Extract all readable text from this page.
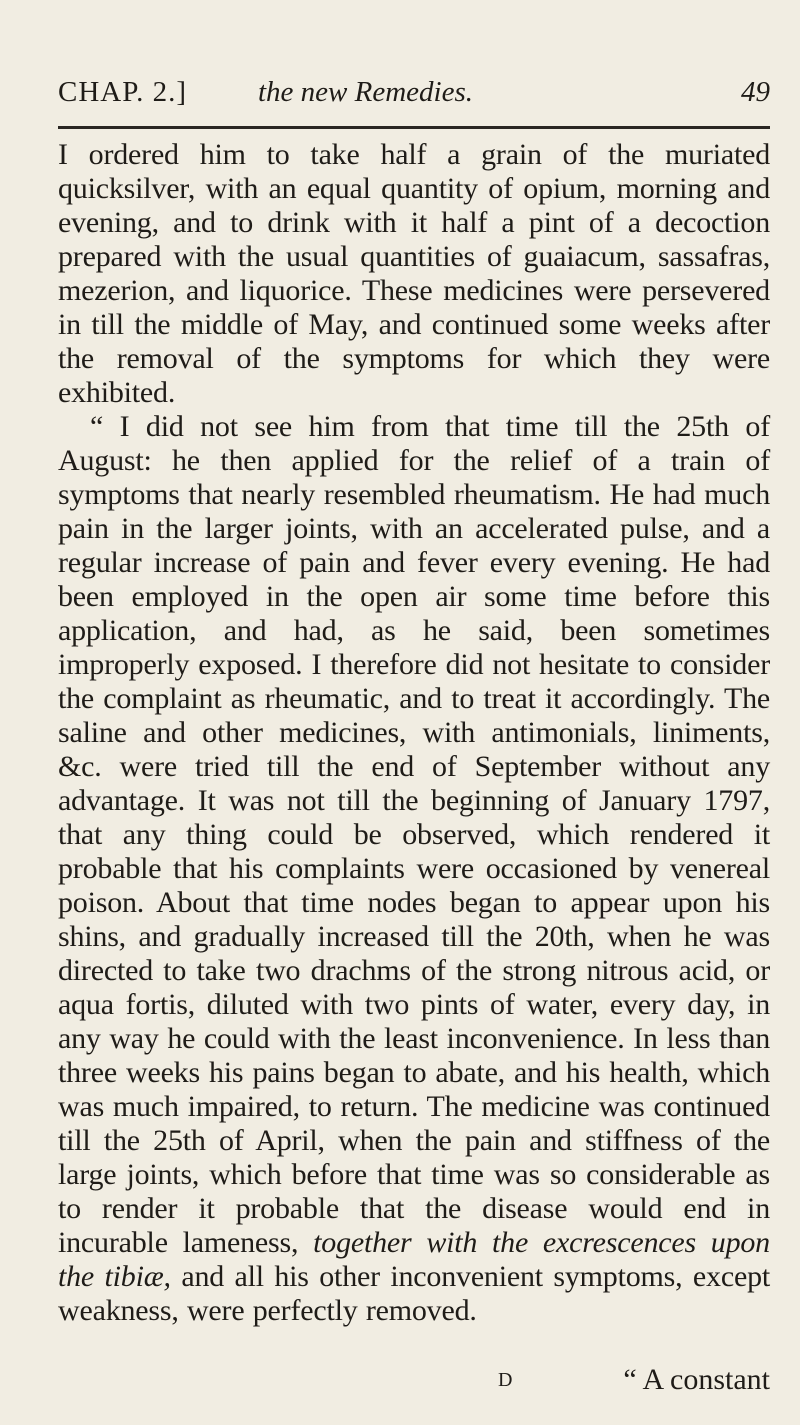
CHAP. 2.] the new Remedies.	49

I ordered him to take half a grain of the muriated quicksilver, with an equal quantity of opium, morning and evening, and to drink with it half a pint of a decoction prepared with the usual quantities of guaiacum, sassafras, mezerion, and liquorice. These medicines were persevered in till the middle of May, and continued some weeks after the removal of the symptoms for which they were exhibited.

“ I did not see him from that time till the 25th of August: he then applied for the relief of a train of symptoms that nearly resembled rheumatism. He had much pain in the larger joints, with an accelerated pulse, and a regular increase of pain and fever every evening. He had been employed in the open air some time before this application, and had, as he said, been sometimes improperly exposed. I therefore did not hesitate to consider the complaint as rheumatic, and to treat it accordingly. The saline and other medicines, with antimonials, liniments, &c. were tried till the end of September without any advantage. It was not till the beginning of January 1797, that any thing could be observed, which rendered it probable that his complaints were occasioned by venereal poison. About that time nodes began to appear upon his shins, and gradually increased till the 20th, when he was directed to take two drachms of the strong nitrous acid, or aqua fortis, diluted with two pints of water, every day, in any way he could with the least inconvenience. In less than three weeks his pains began to abate, and his health, which was much impaired, to return. The medicine was continued till the 25th of April, when the pain and stiffness of the large joints, which before that time was so considerable as to render it probable that the disease would end in incurable lameness, together with the excrescences upon the tibiæ, and all his other inconvenient symptoms, except weakness, were perfectly removed.

D	“ A constant
